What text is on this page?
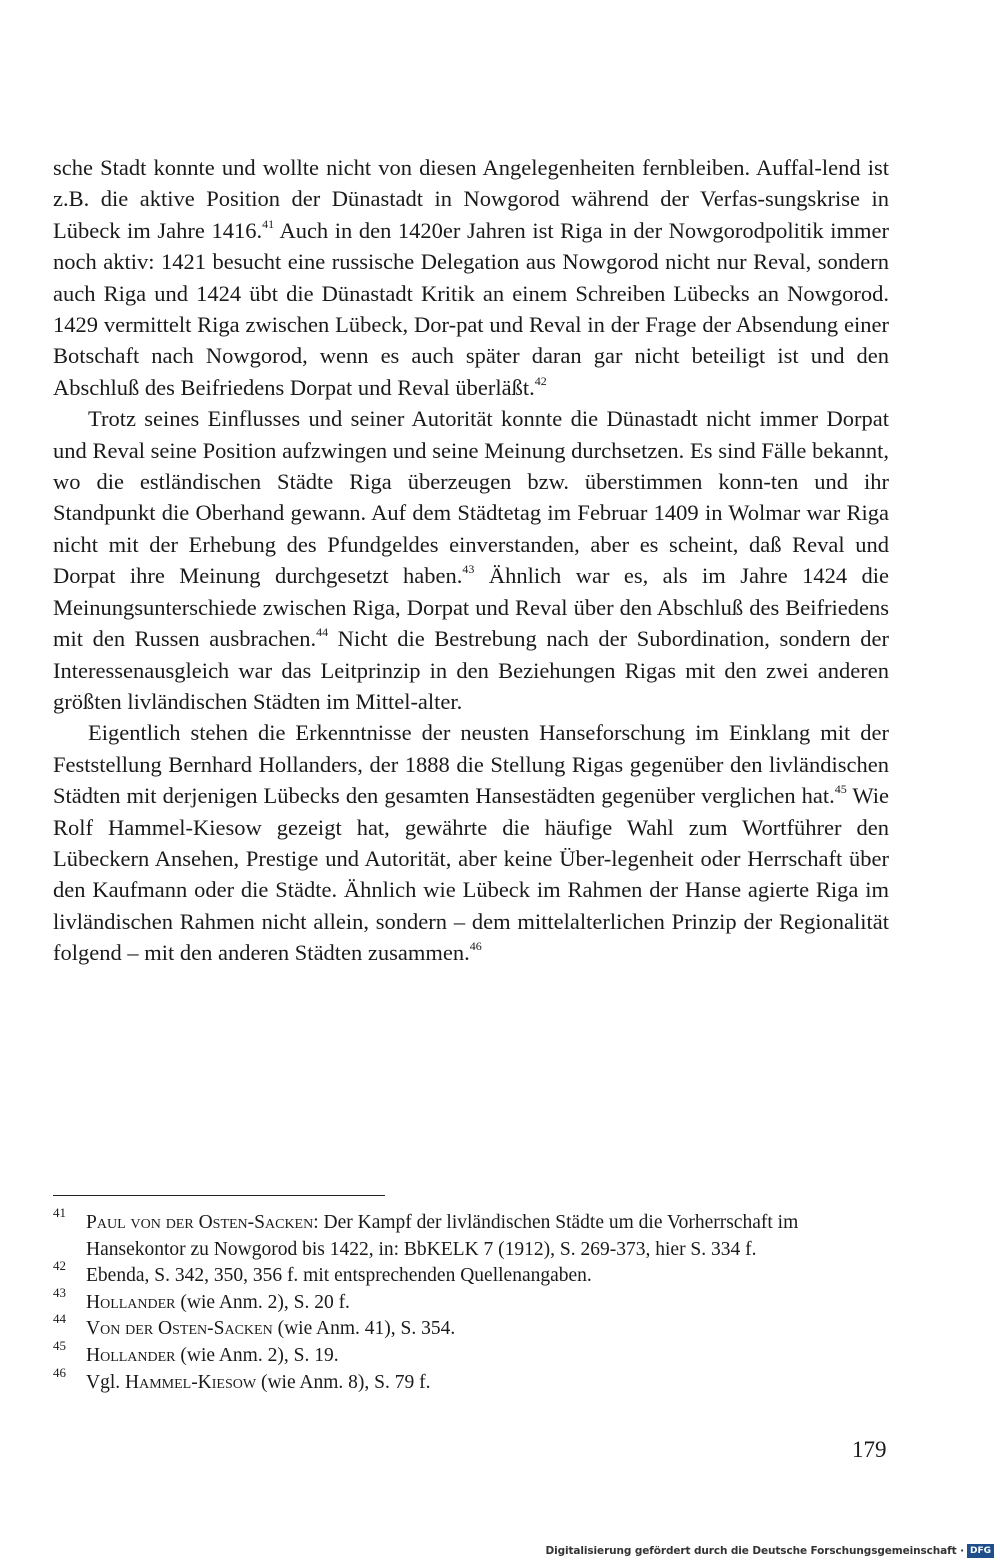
sche Stadt konnte und wollte nicht von diesen Angelegenheiten fernbleiben. Auffal-lend ist z.B. die aktive Position der Dünastadt in Nowgorod während der Verfas-sungskrise in Lübeck im Jahre 1416.41 Auch in den 1420er Jahren ist Riga in der Nowgorodpolitik immer noch aktiv: 1421 besucht eine russische Delegation aus Nowgorod nicht nur Reval, sondern auch Riga und 1424 übt die Dünastadt Kritik an einem Schreiben Lübecks an Nowgorod. 1429 vermittelt Riga zwischen Lübeck, Dor-pat und Reval in der Frage der Absendung einer Botschaft nach Nowgorod, wenn es auch später daran gar nicht beteiligt ist und den Abschluß des Beifriedens Dorpat und Reval überläßt.$^{42}$

Trotz seines Einflusses und seiner Autorität konnte die Dünastadt nicht immer Dorpat und Reval seine Position aufzwingen und seine Meinung durchsetzen. Es sind Fälle bekannt, wo die estländischen Städte Riga überzeugen bzw. überstimmen konn-ten und ihr Standpunkt die Oberhand gewann. Auf dem Städtetag im Februar 1409 in Wolmar war Riga nicht mit der Erhebung des Pfundgeldes einverstanden, aber es scheint, daß Reval und Dorpat ihre Meinung durchgesetzt haben.$^{43}$ Ähnlich war es, als im Jahre 1424 die Meinungsunterschiede zwischen Riga, Dorpat und Reval über den Abschluß des Beifriedens mit den Russen ausbrachen.$^{44}$ Nicht die Bestrebung nach der Subordination, sondern der Interessenausgleich war das Leitprinzip in den Beziehungen Rigas mit den zwei anderen größten livländischen Städten im Mittel-alter.

Eigentlich stehen die Erkenntnisse der neusten Hanseforschung im Einklang mit der Feststellung Bernhard Hollanders, der 1888 die Stellung Rigas gegenüber den livländischen Städten mit derjenigen Lübecks den gesamten Hansestädten gegenüber verglichen hat.$^{45}$ Wie Rolf Hammel-Kiesow gezeigt hat, gewährte die häufige Wahl zum Wortführer den Lübeckern Ansehen, Prestige und Autorität, aber keine Über-legenheit oder Herrschaft über den Kaufmann oder die Städte. Ähnlich wie Lübeck im Rahmen der Hanse agierte Riga im livländischen Rahmen nicht allein, sondern – dem mittelalterlichen Prinzip der Regionalität folgend – mit den anderen Städten zusammen.$^{46}$

41	Paul von der Osten-Sacken: Der Kampf der livländischen Städte um die Vorherrschaft im Hansekontor zu Nowgorod bis 1422, in: BbKELK 7 (1912), S. 269-373, hier S. 334 f.
42	Ebenda, S. 342, 350, 356 f. mit entsprechenden Quellenangaben.
43	Hollander (wie Anm. 2), S. 20 f.
44	Von der Osten-Sacken (wie Anm. 41), S. 354.
45	Hollander (wie Anm. 2), S. 19.
46	Vgl. Hammel-Kiesow (wie Anm. 8), S. 79 f.
179
Digitalisierung gefördert durch die Deutsche Forschungsgemeinschaft · DFG
